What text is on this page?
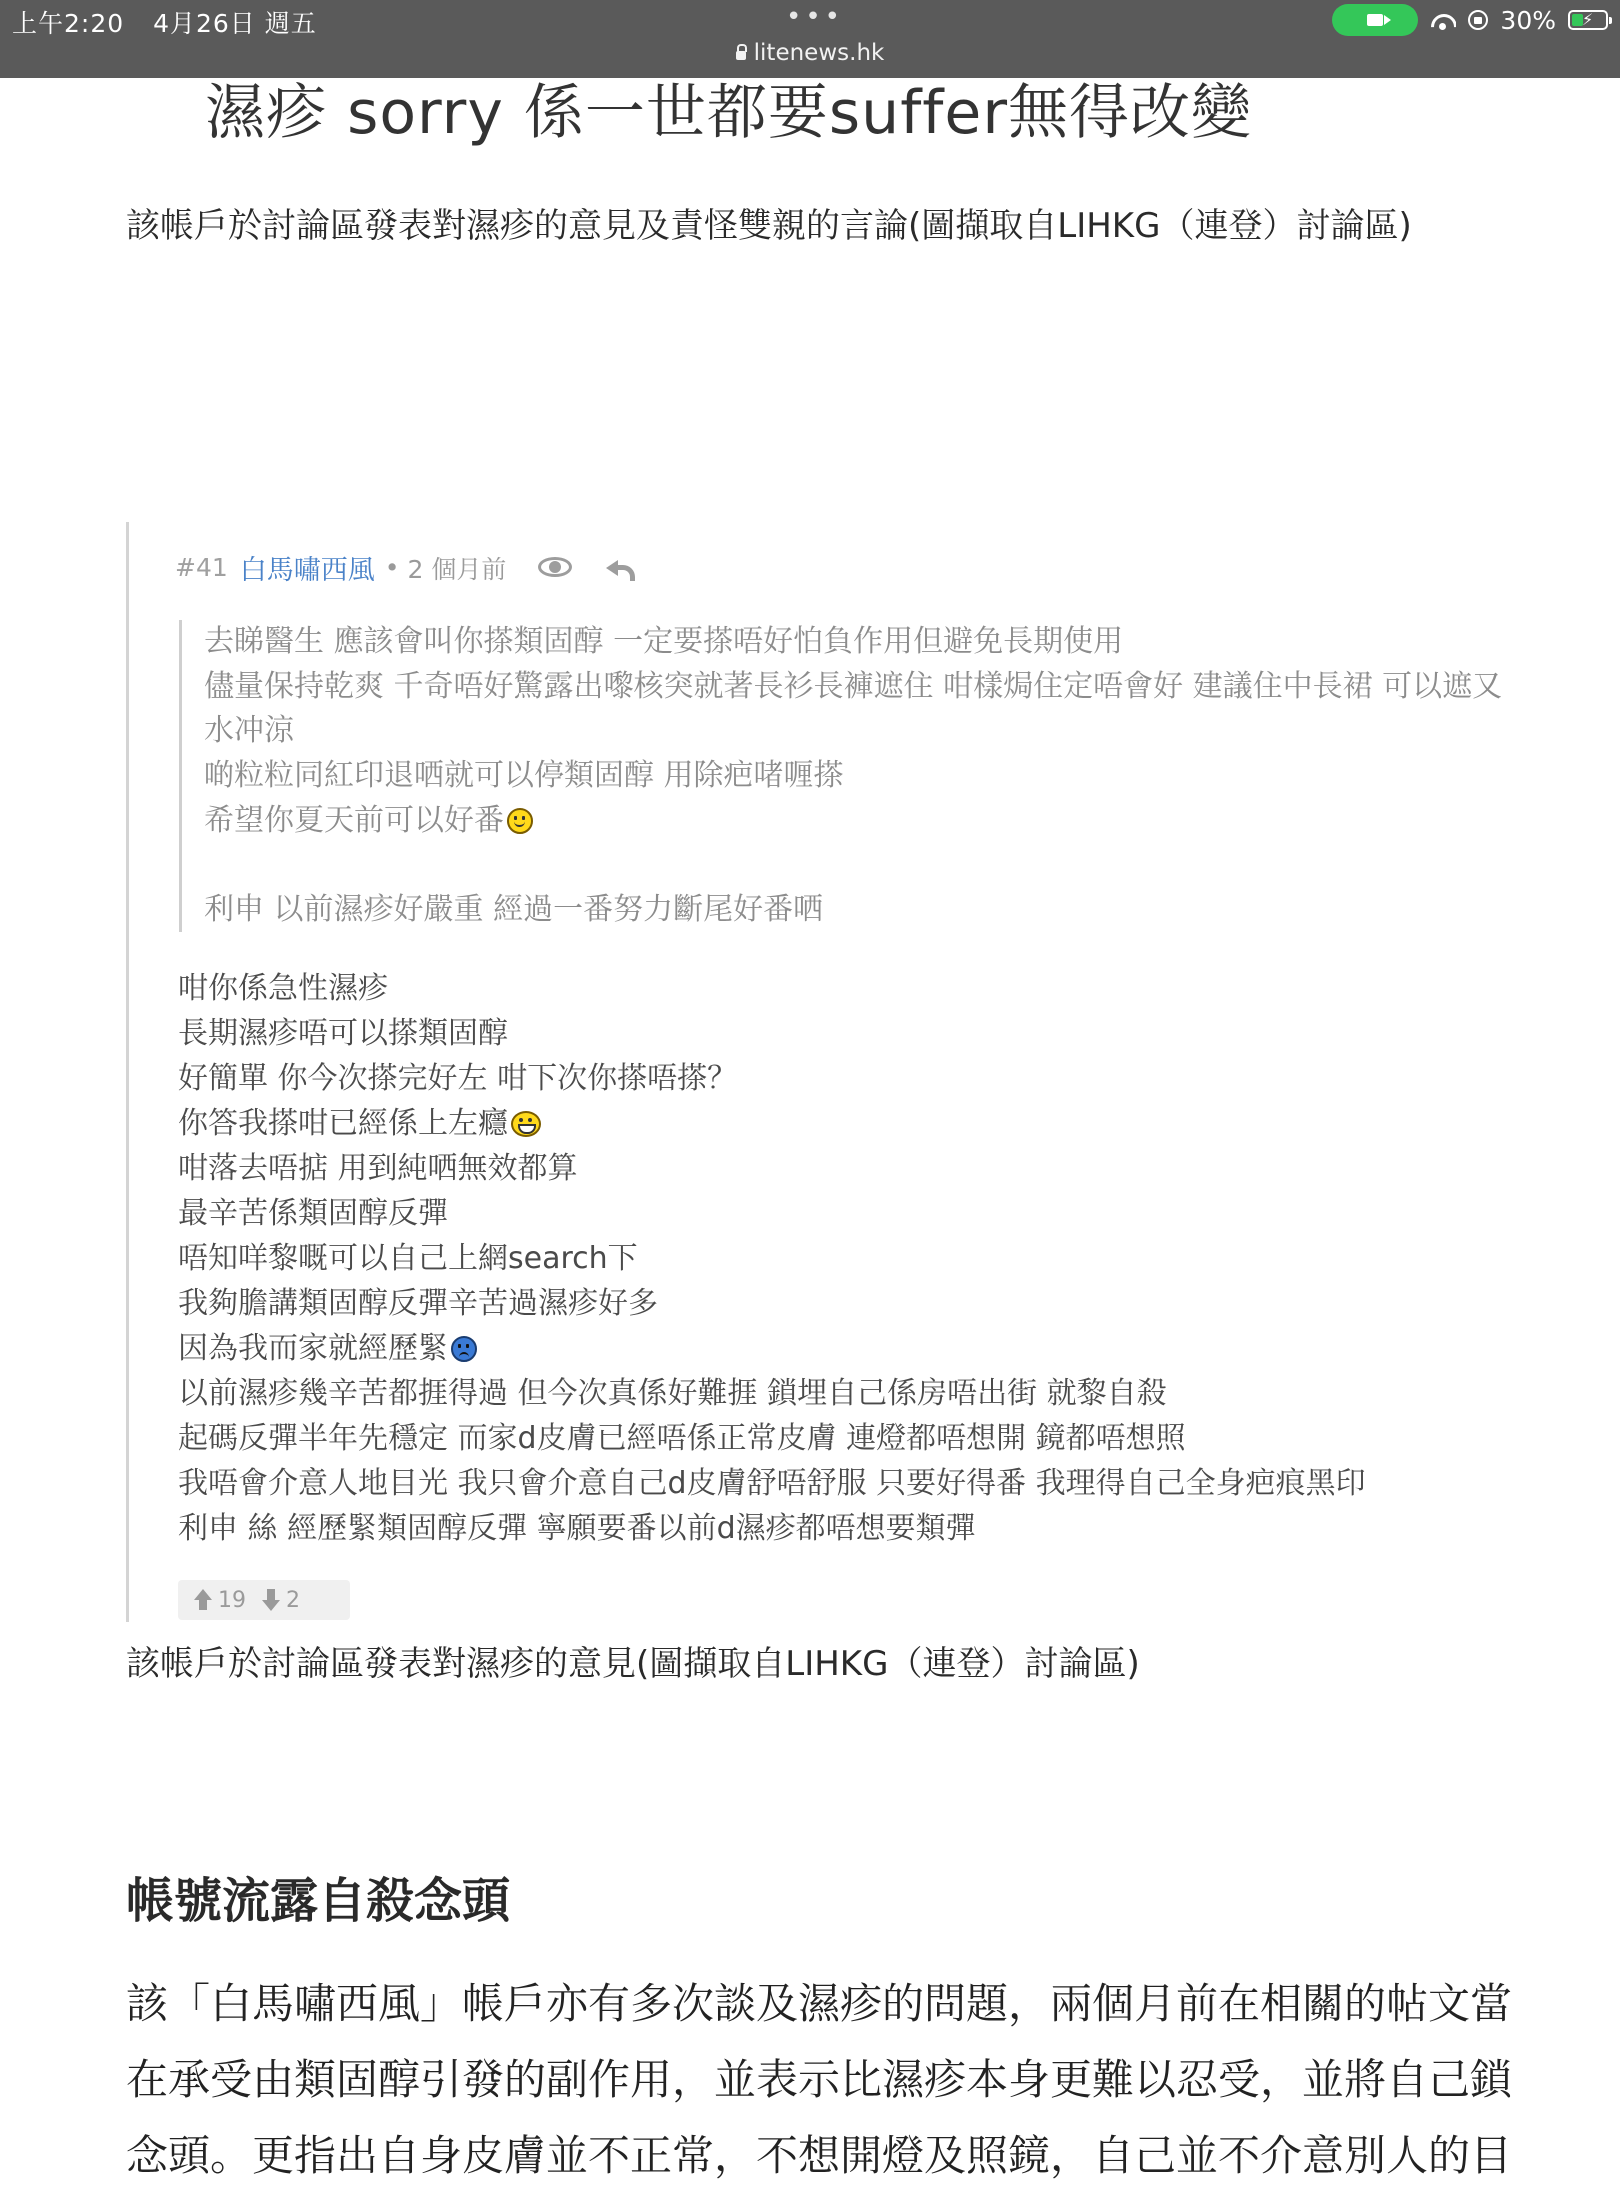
上午2:20 4月26日 週五	•••
litenews.hk
30% ⚡
濕疹 sorry 係一世都要suffer無得改變
該帳戶於討論區發表對濕疹的意見及責怪雙親的言論(圖擷取自LIHKG（連登）討論區)
#41 白馬嘯西風 • 2 個月前
去睇醫生 應該會叫你搽類固醇 一定要搽唔好怕負作用但避免長期使用
儘量保持乾爽 千奇唔好驚露出嚟核突就著長衫長褲遮住 咁樣焗住定唔會好 建議住中長裙 可以遮又
水冲涼
啲粒粒同紅印退哂就可以停類固醇 用除疤啫喱搽
希望你夏天前可以好番

利申 以前濕疹好嚴重 經過一番努力斷尾好番哂
咁你係急性濕疹
長期濕疹唔可以搽類固醇
好簡單 你今次搽完好左 咁下次你搽唔搽？
你答我搽咁已經係上左癮
咁落去唔掂 用到純哂無效都算
最辛苦係類固醇反彈
唔知咩黎嘅可以自己上網search下
我夠膽講類固醇反彈辛苦過濕疹好多
因為我而家就經歷緊
以前濕疹幾辛苦都捱得過 但今次真係好難捱 鎖埋自己係房唔出街 就黎自殺
起碼反彈半年先穩定 而家d皮膚已經唔係正常皮膚 連燈都唔想開 鏡都唔想照
我唔會介意人地目光 我只會介意自己d皮膚舒唔舒服 只要好得番 我理得自己全身疤痕黑印
利申 絲 經歷緊類固醇反彈 寧願要番以前d濕疹都唔想要類彈
19 2
該帳戶於討論區發表對濕疹的意見(圖擷取自LIHKG（連登）討論區)
帳號流露自殺念頭
該「白馬嘯西風」帳戶亦有多次談及濕疹的問題，兩個月前在相關的帖文當
在承受由類固醇引發的副作用，並表示比濕疹本身更難以忍受，並將自己鎖
念頭。更指出自身皮膚並不正常，不想開燈及照鏡，自己並不介意別人的目
